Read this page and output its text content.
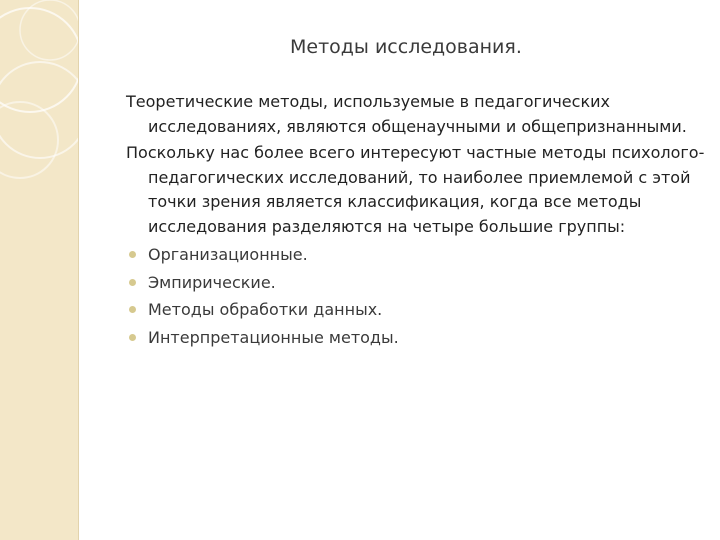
Методы исследования.

Теоретические методы, используемые в педагогических исследованиях, являются общенаучными и общепризнанными.

Поскольку нас более всего интересуют частные методы психолого-педагогических исследований, то наиболее приемлемой с этой точки зрения является классификация, когда все методы исследования разделяются на четыре большие группы:

Организационные.
Эмпирические.
Методы обработки данных.
Интерпретационные методы.
